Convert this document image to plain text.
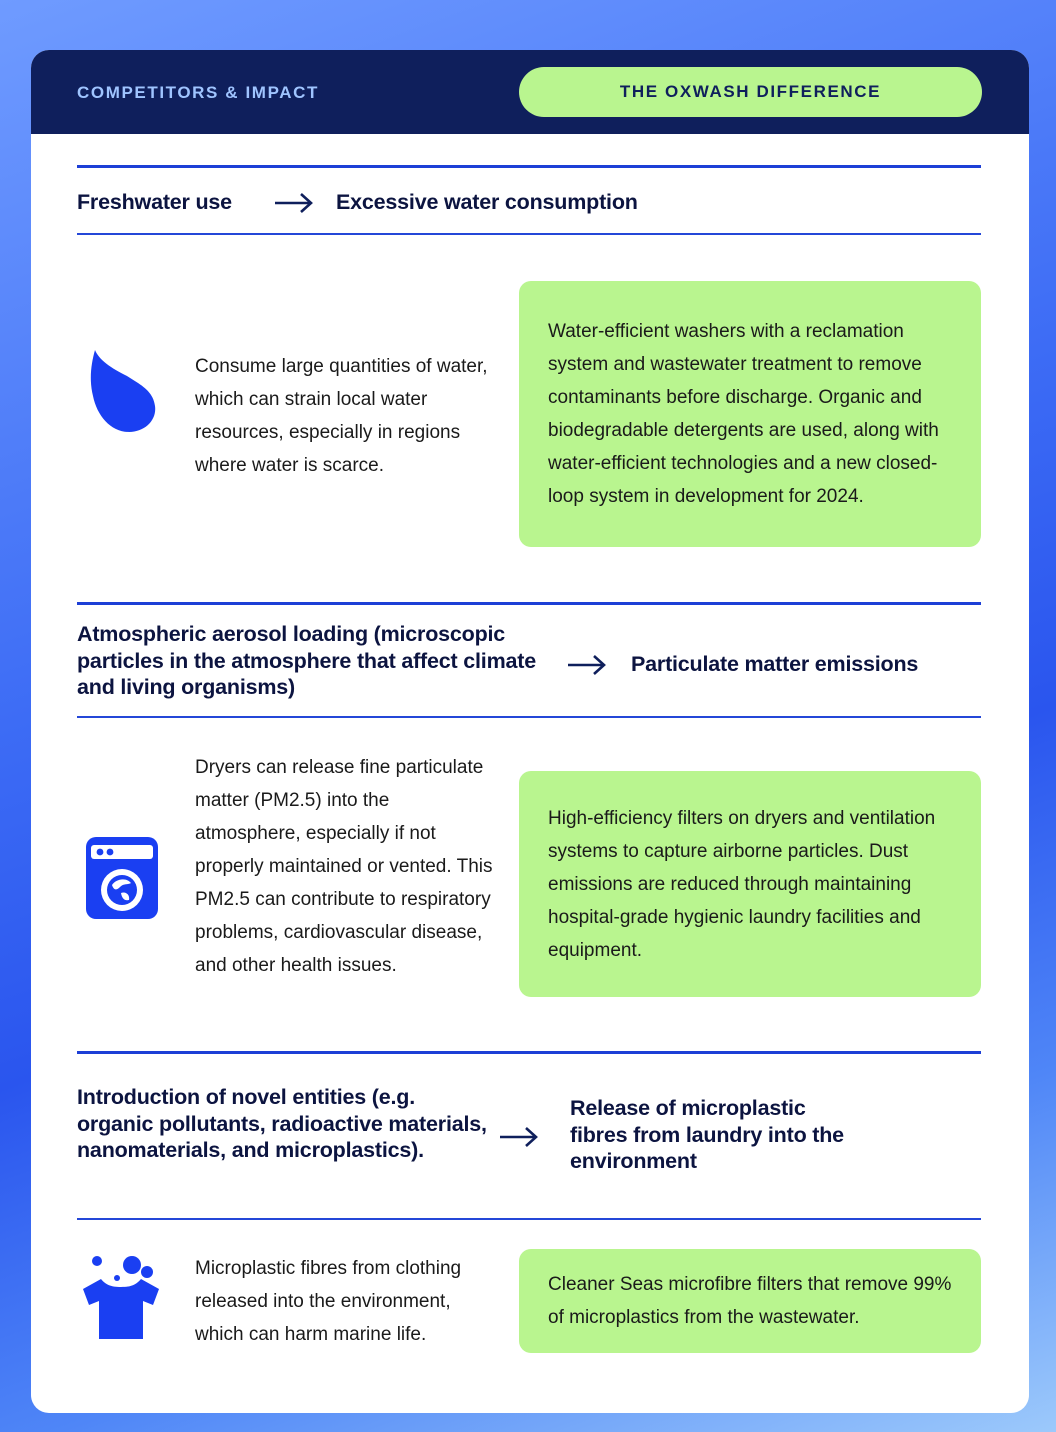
COMPETITORS & IMPACT	THE OXWASH DIFFERENCE
Freshwater use	Excessive water consumption
Consume large quantities of water, which can strain local water resources, especially in regions where water is scarce.
Water-efficient washers with a reclamation system and wastewater treatment to remove contaminants before discharge. Organic and biodegradable detergents are used, along with water-efficient technologies and a new closed-loop system in development for 2024.
Atmospheric aerosol loading (microscopic particles in the atmosphere that affect climate and living organisms)
Particulate matter emissions
Dryers can release fine particulate matter (PM2.5) into the atmosphere, especially if not properly maintained or vented. This PM2.5 can contribute to respiratory problems, cardiovascular disease, and other health issues.
High-efficiency filters on dryers and ventilation systems to capture airborne particles. Dust emissions are reduced through maintaining hospital-grade hygienic laundry facilities and equipment.
Introduction of novel entities (e.g. organic pollutants, radioactive materials, nanomaterials, and microplastics).
Release of microplastic fibres from laundry into the environment
Microplastic fibres from clothing released into the environment, which can harm marine life.
Cleaner Seas microfibre filters that remove 99% of microplastics from the wastewater.
